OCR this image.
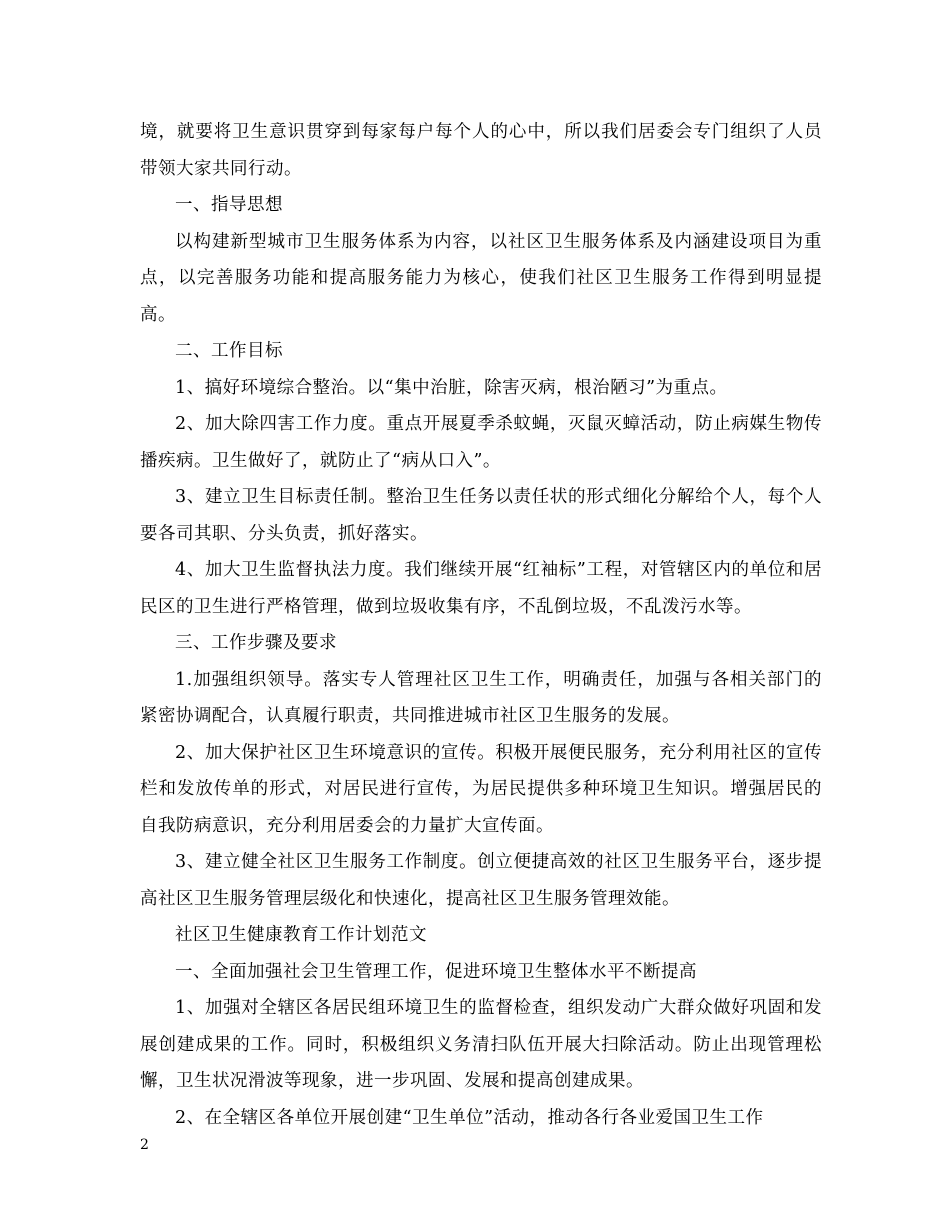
境，就要将卫生意识贯穿到每家每户每个人的心中，所以我们居委会专门组织了人员带领大家共同行动。

一、指导思想

以构建新型城市卫生服务体系为内容，以社区卫生服务体系及内涵建设项目为重点，以完善服务功能和提高服务能力为核心，使我们社区卫生服务工作得到明显提高。

二、工作目标

1、搞好环境综合整治。以“集中治脏，除害灭病，根治陋习”为重点。

2、加大除四害工作力度。重点开展夏季杀蚊蝇，灭鼠灭蟑活动，防止病媒生物传播疾病。卫生做好了，就防止了“病从口入”。

3、建立卫生目标责任制。整治卫生任务以责任状的形式细化分解给个人，每个人要各司其职、分头负责，抓好落实。

4、加大卫生监督执法力度。我们继续开展“红袖标”工程，对管辖区内的单位和居民区的卫生进行严格管理，做到垃圾收集有序，不乱倒垃圾，不乱泼污水等。

三、工作步骤及要求

1.加强组织领导。落实专人管理社区卫生工作，明确责任，加强与各相关部门的紧密协调配合，认真履行职责，共同推进城市社区卫生服务的发展。

2、加大保护社区卫生环境意识的宣传。积极开展便民服务，充分利用社区的宣传栏和发放传单的形式，对居民进行宣传，为居民提供多种环境卫生知识。增强居民的自我防病意识，充分利用居委会的力量扩大宣传面。

3、建立健全社区卫生服务工作制度。创立便捷高效的社区卫生服务平台，逐步提高社区卫生服务管理层级化和快速化，提高社区卫生服务管理效能。

社区卫生健康教育工作计划范文

一、全面加强社会卫生管理工作，促进环境卫生整体水平不断提高

1、加强对全辖区各居民组环境卫生的监督检查，组织发动广大群众做好巩固和发展创建成果的工作。同时，积极组织义务清扫队伍开展大扫除活动。防止出现管理松懈，卫生状况滑波等现象，进一步巩固、发展和提高创建成果。

2、在全辖区各单位开展创建“卫生单位”活动，推动各行各业爱国卫生工作

2
